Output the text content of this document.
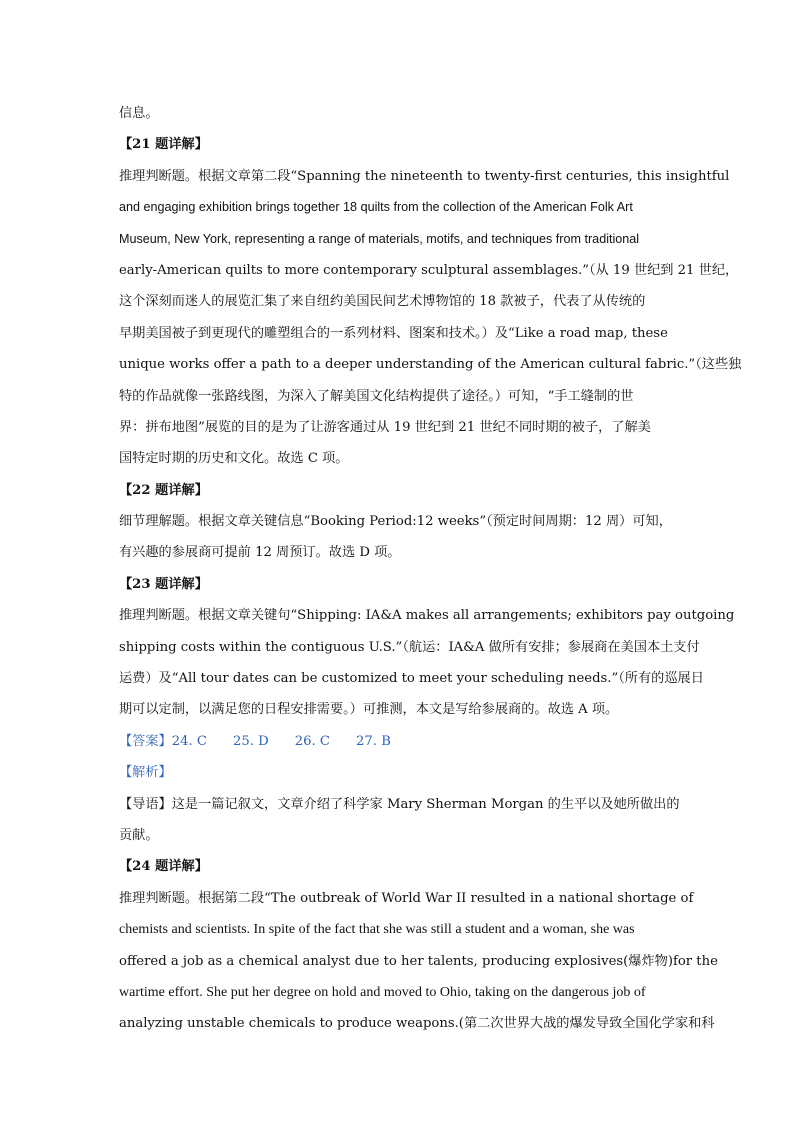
信息。
【21 题详解】
推理判断题。根据文章第二段“Spanning the nineteenth to twenty-first centuries, this insightful
and engaging exhibition brings together 18 quilts from the collection of the American Folk Art
Museum, New York, representing a range of materials, motifs, and techniques from traditional
early-American quilts to more contemporary sculptural assemblages.”（从 19 世纪到 21 世纪，
这个深刻而迷人的展览汇集了来自纽约美国民间艺术博物馆的 18 款被子，代表了从传统的
早期美国被子到更现代的雕塑组合的一系列材料、图案和技术。）及“Like a road map, these
unique works offer a path to a deeper understanding of the American cultural fabric.”（这些独
特的作品就像一张路线图，为深入了解美国文化结构提供了途径。）可知，“手工缝制的世
界：拼布地图”展览的目的是为了让游客通过从 19 世纪到 21 世纪不同时期的被子，了解美
国特定时期的历史和文化。故选 C 项。
【22 题详解】
细节理解题。根据文章关键信息“Booking Period:12 weeks”（预定时间周期：12 周）可知，
有兴趣的参展商可提前 12 周预订。故选 D 项。
【23 题详解】
推理判断题。根据文章关键句“Shipping: IA&A makes all arrangements; exhibitors pay outgoing
shipping costs within the contiguous U.S.”（航运：IA&A 做所有安排；参展商在美国本土支付
运费）及“All tour dates can be customized to meet your scheduling needs.”（所有的巡展日
期可以定制，以满足您的日程安排需要。）可推测，本文是写给参展商的。故选 A 项。
【答案】24. C 25. D 26. C 27. B
【解析】
【导语】这是一篇记叙文，文章介绍了科学家 Mary Sherman Morgan 的生平以及她所做出的
贡献。
【24 题详解】
推理判断题。根据第二段“The outbreak of World War II resulted in a national shortage of
chemists and scientists. In spite of the fact that she was still a student and a woman, she was
offered a job as a chemical analyst due to her talents, producing explosives(爆炸物)for the
wartime effort. She put her degree on hold and moved to Ohio, taking on the dangerous job of
analyzing unstable chemicals to produce weapons.(第二次世界大战的爆发导致全国化学家和科
